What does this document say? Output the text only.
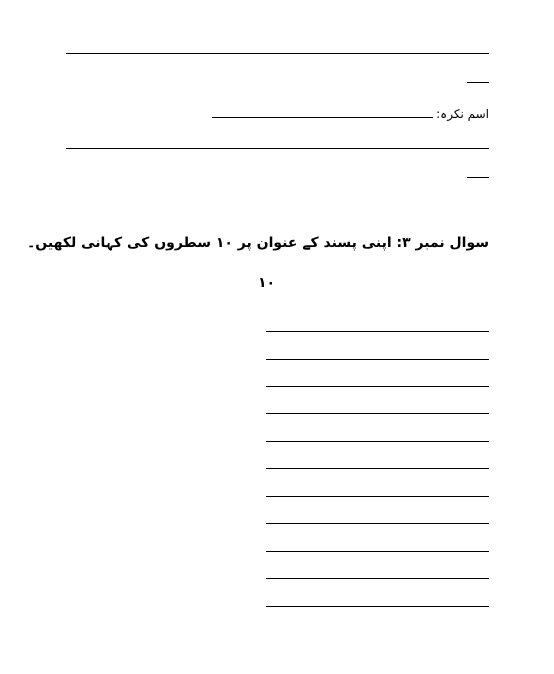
اسم نکرہ:
سوال نمبر ۳: اپنی پسند کے عنوان پر ۱۰ سطروں کی کہانی لکھیں۔
۱۰
